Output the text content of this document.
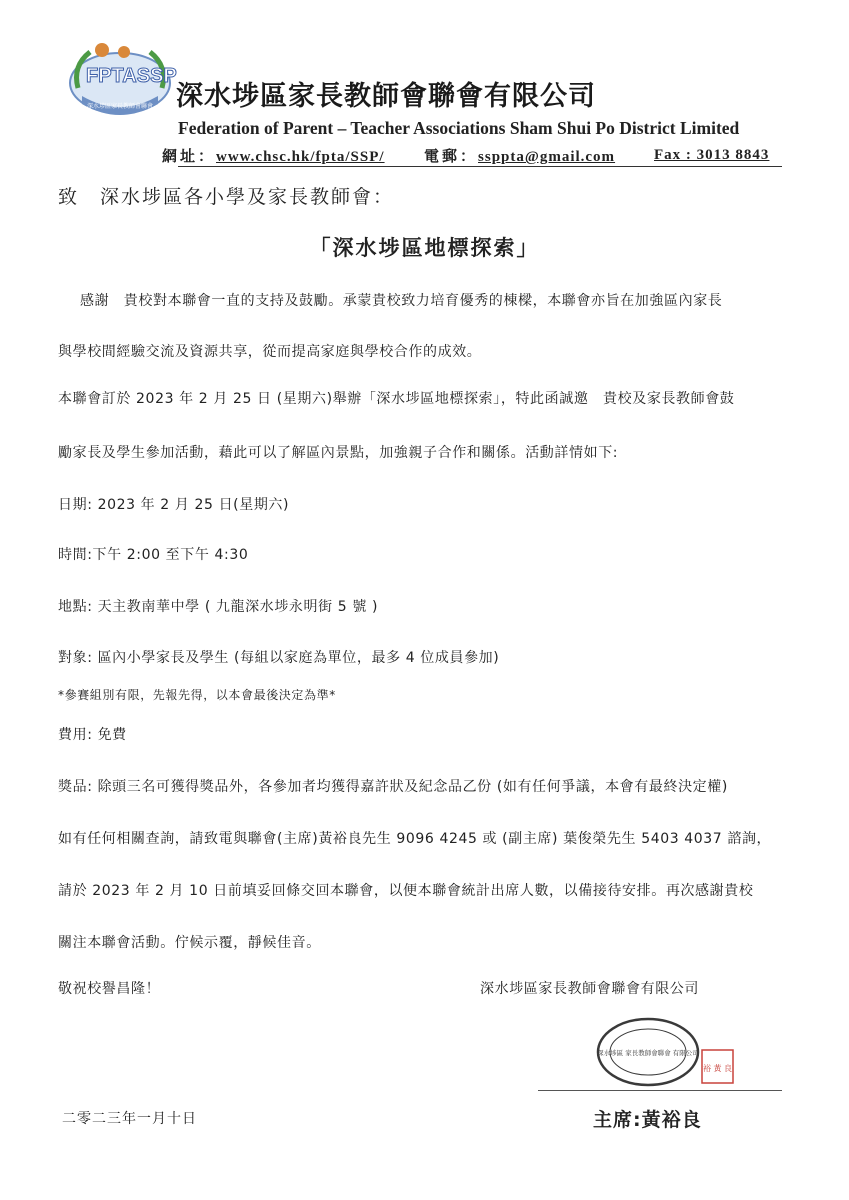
FPTASSP
深水埗區家長教師會聯會 深水埗區家長教師會聯會有限公司
Federation of Parent – Teacher Associations Sham Shui Po District Limited
網址：www.chsc.hk/fpta/SSP/	電郵：ssppta@gmail.com	Fax : 3013 8843
致　深水埗區各小學及家長教師會：
「深水埗區地標探索」
感謝　貴校對本聯會一直的支持及鼓勵。承蒙貴校致力培育優秀的棟樑，本聯會亦旨在加強區內家長
與學校間經驗交流及資源共享，從而提高家庭與學校合作的成效。
本聯會訂於 2023 年 2 月 25 日 (星期六)舉辦「深水埗區地標探索」，特此函誠邀　貴校及家長教師會鼓
勵家長及學生參加活動，藉此可以了解區內景點，加強親子合作和關係。活動詳情如下:
日期: 2023 年 2 月 25 日(星期六)
時間:下午 2:00 至下午 4:30
地點: 天主教南華中學 ( 九龍深水埗永明街 5 號 )
對象: 區內小學家長及學生 (每組以家庭為單位，最多 4 位成員參加)
*參賽組別有限，先報先得，以本會最後決定為準*
費用: 免費
獎品: 除頭三名可獲得獎品外，各參加者均獲得嘉許狀及紀念品乙份 (如有任何爭議，本會有最終決定權)
如有任何相關查詢，請致電與聯會(主席)黃裕良先生 9096 4245 或 (副主席) 葉俊榮先生 5403 4037 諮詢，
請於 2023 年 2 月 10 日前填妥回條交回本聯會，以便本聯會統計出席人數，以備接待安排。再次感謝貴校
關注本聯會活動。佇候示覆，靜候佳音。
敬祝校譽昌隆！	深水埗區家長教師會聯會有限公司
深水埗區 家長教師會聯會 有限公司
裕 黃 良
主席:黃裕良
二零二三年一月十日
